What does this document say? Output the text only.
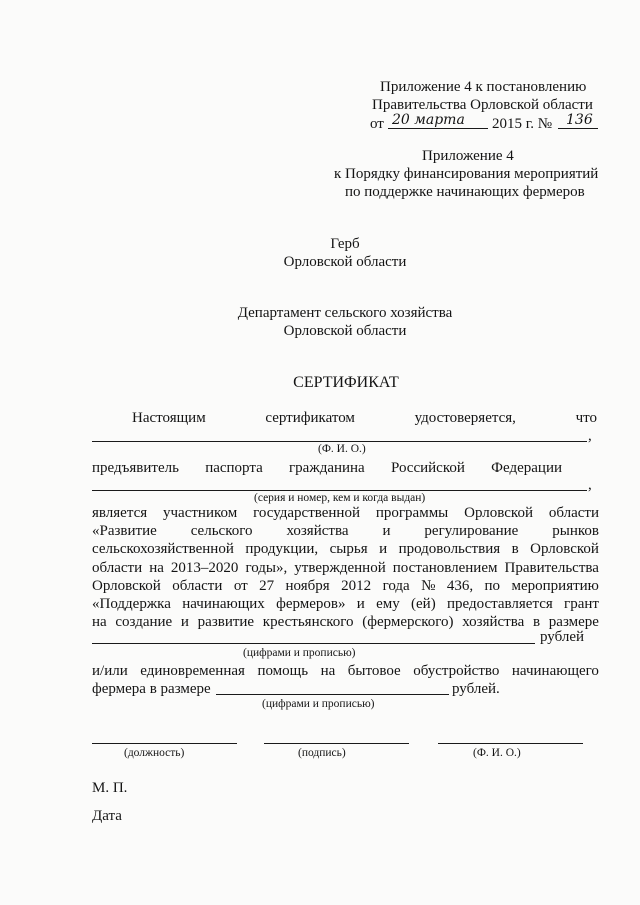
Приложение 4 к постановлению
Правительства Орловской области
от 20 марта 2015 г. № 136
Приложение 4
к Порядку финансирования мероприятий
по поддержке начинающих фермеров
Герб
Орловской области
Департамент сельского хозяйства
Орловской области
СЕРТИФИКАТ
Настоящим	сертификатом	удостоверяется,	что
,
(Ф. И. О.)
предъявитель паспорта гражданина Российской Федерации
,
(серия и номер, кем и когда выдан)
является участником государственной программы Орловской области
«Развитие сельского хозяйства и регулирование рынков
сельскохозяйственной продукции, сырья и продовольствия в Орловской
области на 2013–2020 годы», утвержденной постановлением Правительства
Орловской области от 27 ноября 2012 года № 436, по мероприятию
«Поддержка начинающих фермеров» и ему (ей) предоставляется грант
на создание и развитие крестьянского (фермерского) хозяйства в размере
рублей
(цифрами и прописью)
и/или единовременная помощь на бытовое обустройство начинающего
фермера в размере	рублей.
(цифрами и прописью)
(должность)	(подпись)	(Ф. И. О.)
М. П.
Дата
